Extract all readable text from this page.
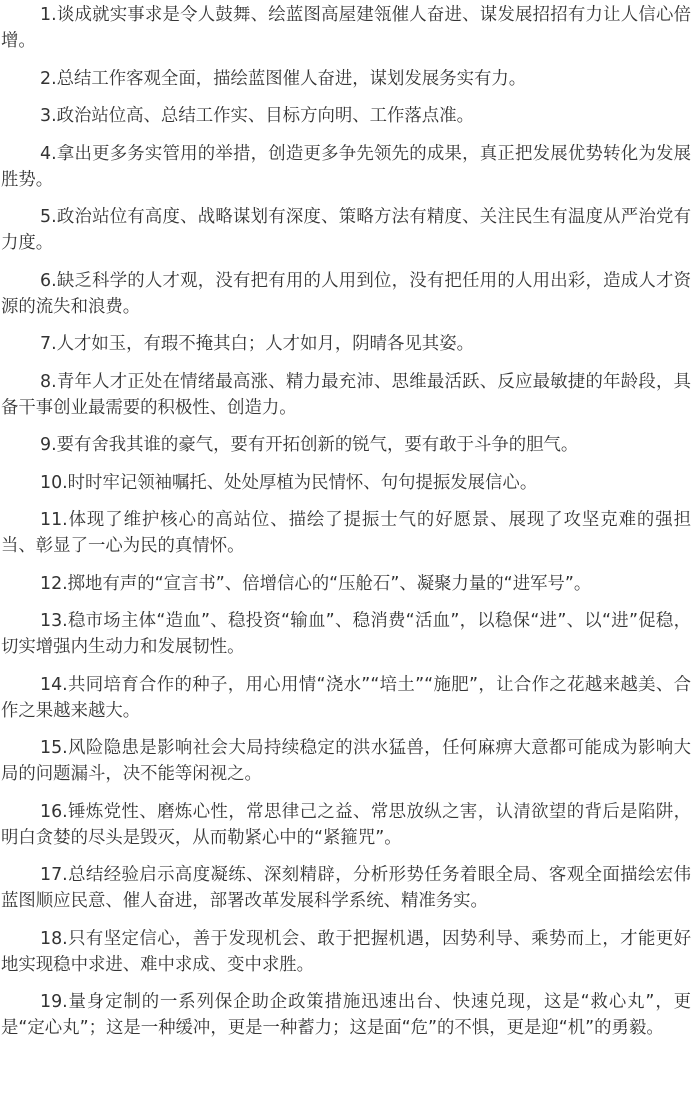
1.谈成就实事求是令人鼓舞、绘蓝图高屋建瓴催人奋进、谋发展招招有力让人信心倍增。

2.总结工作客观全面，描绘蓝图催人奋进，谋划发展务实有力。

3.政治站位高、总结工作实、目标方向明、工作落点准。

4.拿出更多务实管用的举措，创造更多争先领先的成果，真正把发展优势转化为发展胜势。

5.政治站位有高度、战略谋划有深度、策略方法有精度、关注民生有温度从严治党有力度。

6.缺乏科学的人才观，没有把有用的人用到位，没有把任用的人用出彩，造成人才资源的流失和浪费。

7.人才如玉，有瑕不掩其白；人才如月，阴晴各见其姿。

8.青年人才正处在情绪最高涨、精力最充沛、思维最活跃、反应最敏捷的年龄段，具备干事创业最需要的积极性、创造力。

9.要有舍我其谁的豪气，要有开拓创新的锐气，要有敢于斗争的胆气。

10.时时牢记领袖嘱托、处处厚植为民情怀、句句提振发展信心。

11.体现了维护核心的高站位、描绘了提振士气的好愿景、展现了攻坚克难的强担当、彰显了一心为民的真情怀。

12.掷地有声的“宣言书”、倍增信心的“压舱石”、凝聚力量的“进军号”。

13.稳市场主体“造血”、稳投资“输血”、稳消费“活血”，以稳保“进”、以“进”促稳，切实增强内生动力和发展韧性。

14.共同培育合作的种子，用心用情“浇水”“培土”“施肥”，让合作之花越来越美、合作之果越来越大。

15.风险隐患是影响社会大局持续稳定的洪水猛兽，任何麻痹大意都可能成为影响大局的问题漏斗，决不能等闲视之。

16.锤炼党性、磨炼心性，常思律己之益、常思放纵之害，认清欲望的背后是陷阱，明白贪婪的尽头是毁灭，从而勒紧心中的“紧箍咒”。

17.总结经验启示高度凝练、深刻精辟，分析形势任务着眼全局、客观全面描绘宏伟蓝图顺应民意、催人奋进，部署改革发展科学系统、精准务实。

18.只有坚定信心，善于发现机会、敢于把握机遇，因势利导、乘势而上，才能更好地实现稳中求进、难中求成、变中求胜。

19.量身定制的一系列保企助企政策措施迅速出台、快速兑现，这是“救心丸”，更是“定心丸”；这是一种缓冲，更是一种蓄力；这是面“危”的不惧，更是迎“机”的勇毅。
